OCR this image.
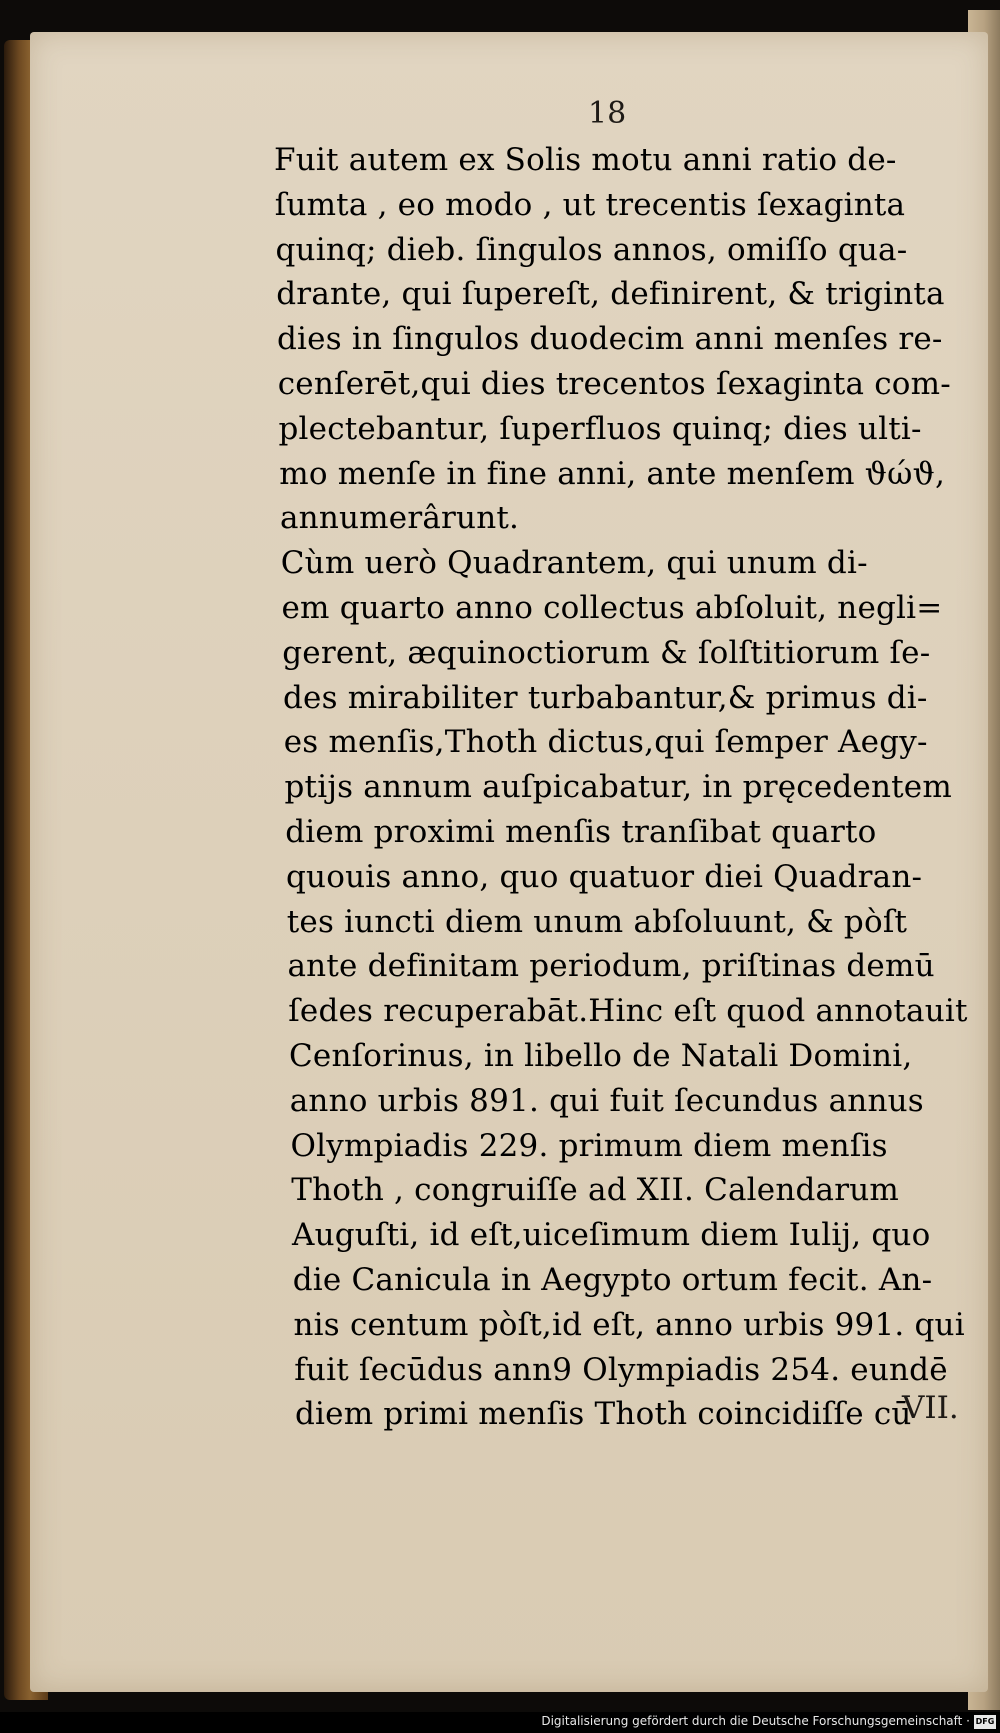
18
Fuit autem ex Solis motu anni ratio de-
ſumta , eo modo , ut trecentis ſexaginta
quinq; dieb. ſingulos annos, omiſſo qua-
drante, qui ſupereſt, definirent, & triginta
dies in ſingulos duodecim anni menſes re-
cenſerēt,qui dies trecentos ſexaginta com-
plectebantur, ſuperfluos quinq; dies ulti-
mo menſe in fine anni, ante menſem ϑώϑ,
annumerârunt.
Cùm uerò Quadrantem, qui unum di-
em quarto anno collectus abſoluit, negli=
gerent, æquinoctiorum & ſolſtitiorum ſe-
des mirabiliter turbabantur,& primus di-
es menſis,Thoth dictus,qui ſemper Aegy-
ptijs annum auſpicabatur, in pręcedentem
diem proximi menſis tranſibat quarto
quouis anno, quo quatuor diei Quadran-
tes iuncti diem unum abſoluunt, & pòſt
ante definitam periodum, priſtinas demū
ſedes recuperabāt.Hinc eſt quod annotauit
Cenſorinus, in libello de Natali Domini,
anno urbis 891. qui fuit ſecundus annus
Olympiadis 229. primum diem menſis
Thoth , congruiſſe ad XII. Calendarum
Auguſti, id eſt,uiceſimum diem Iulij, quo
die Canicula in Aegypto ortum fecit. An-
nis centum pòſt,id eſt, anno urbis 991. qui
fuit ſecūdus ann9 Olympiadis 254. eundē
diem primi menſis Thoth coincidiſſe cū
VII.
Digitalisierung gefördert durch die Deutsche Forschungsgemeinschaft · DFG
